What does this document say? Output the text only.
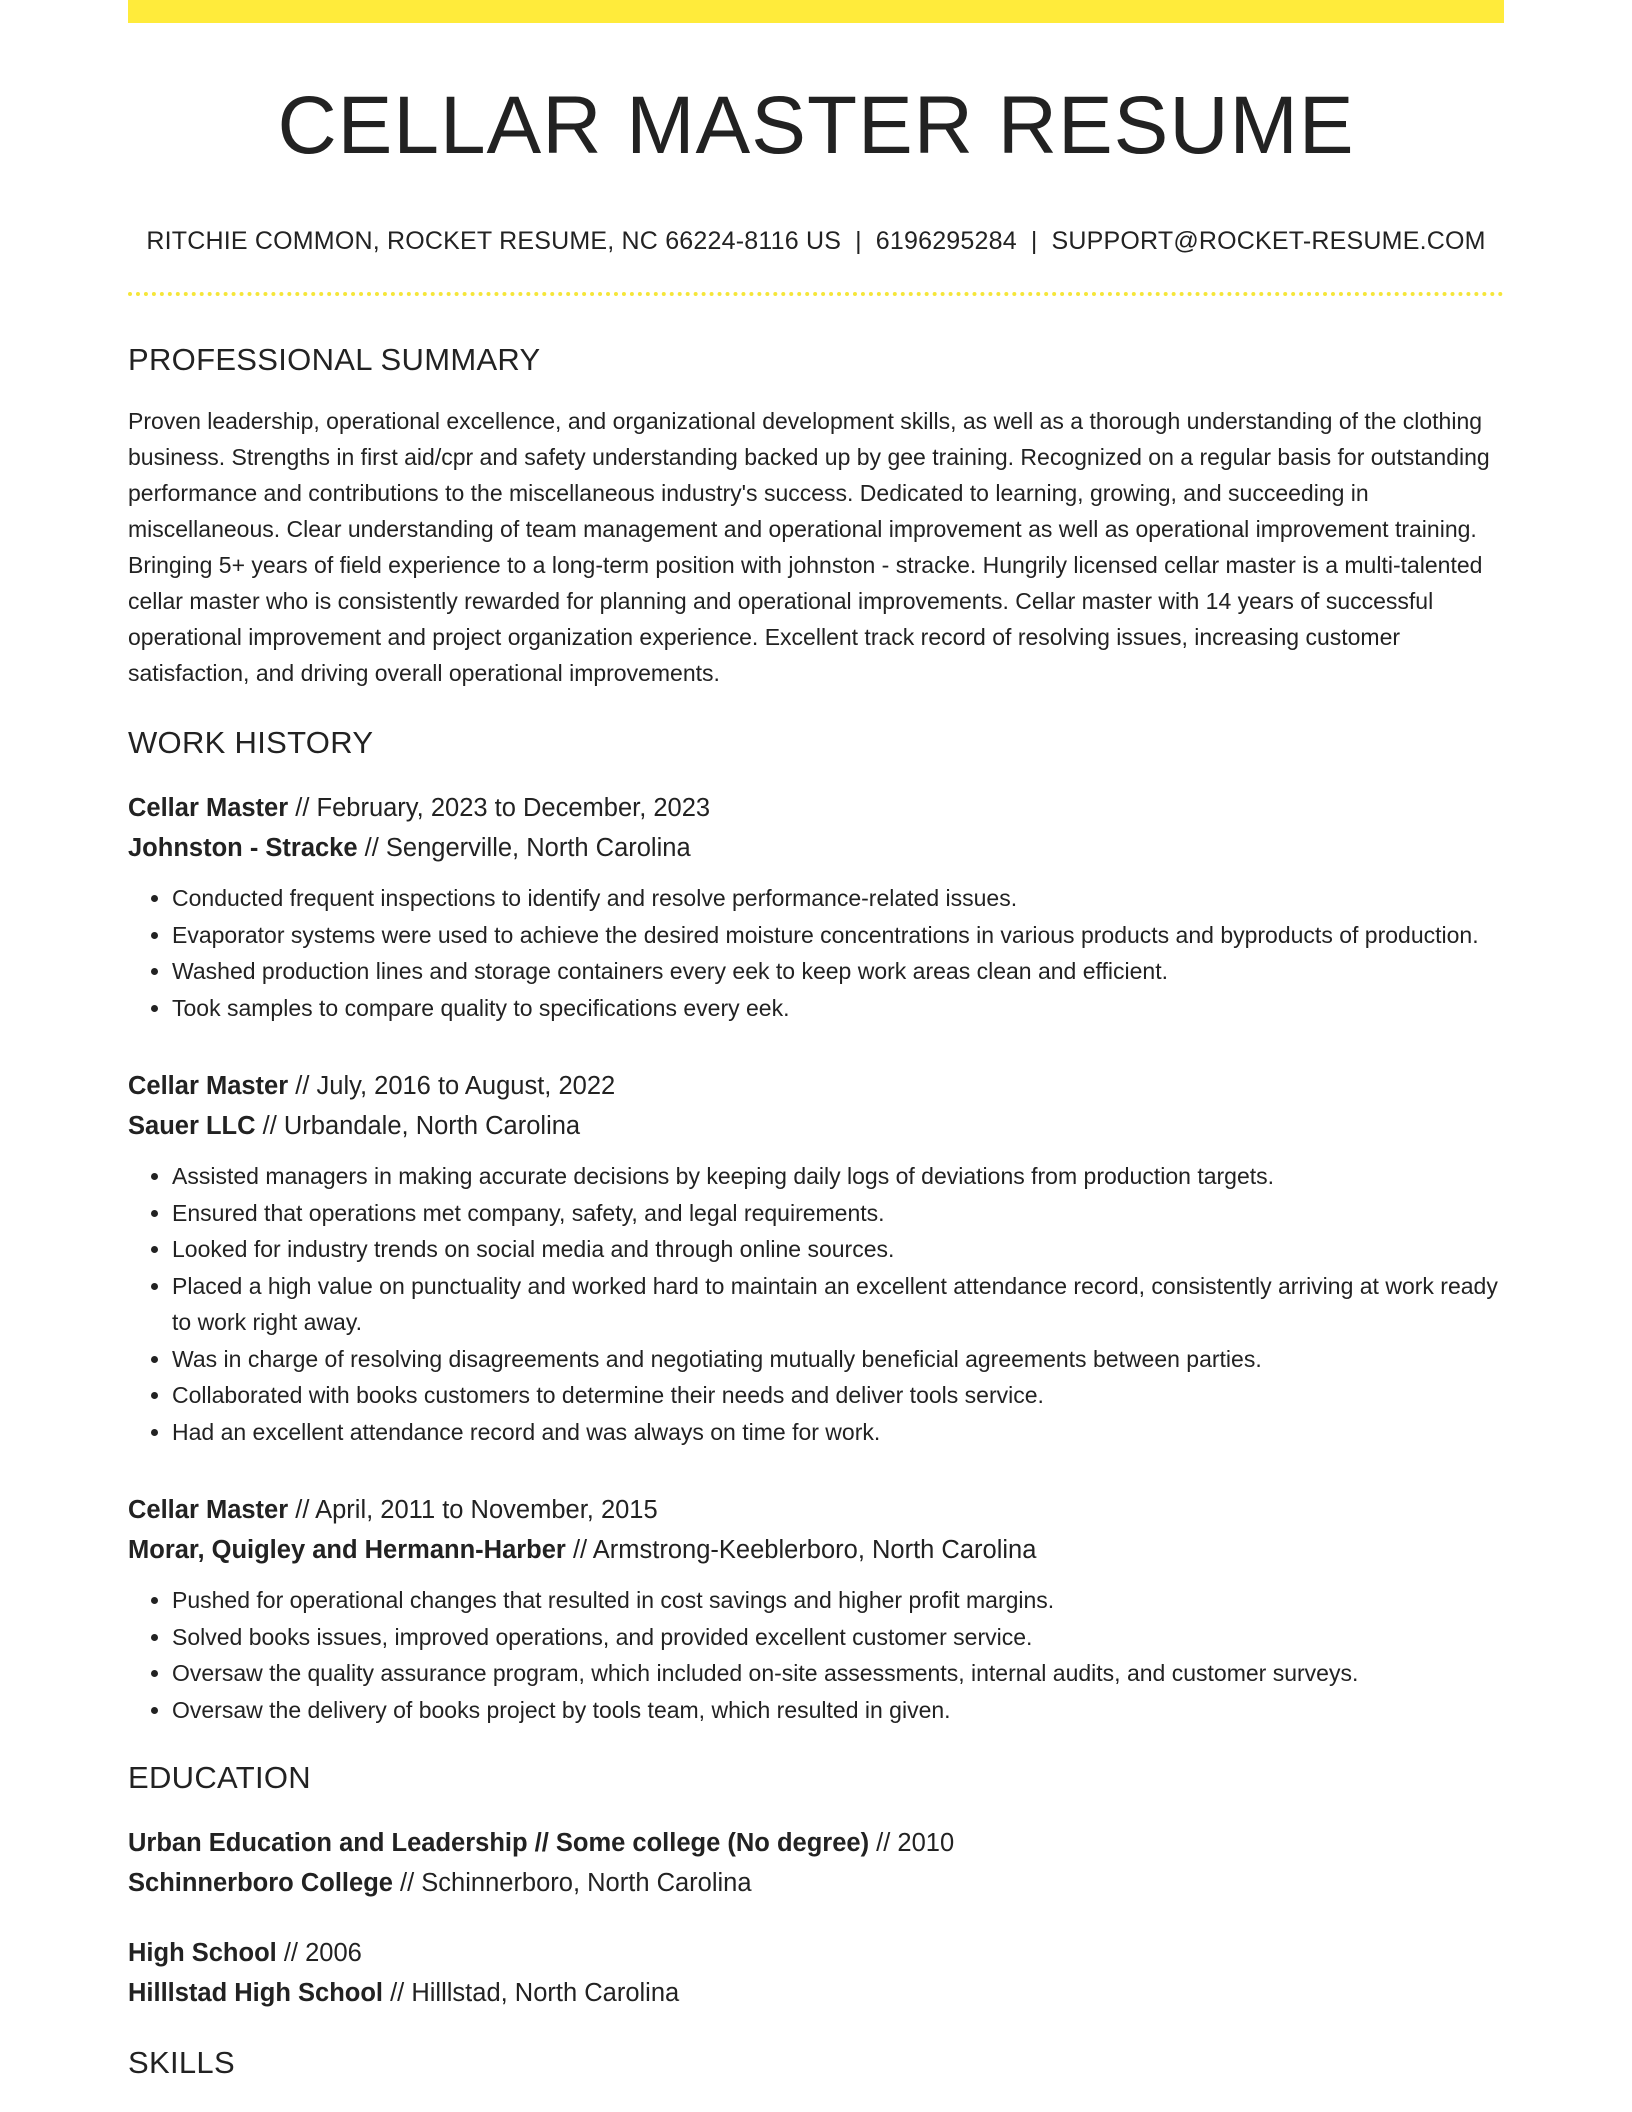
CELLAR MASTER RESUME
RITCHIE COMMON, ROCKET RESUME, NC 66224-8116 US | 6196295284 | SUPPORT@ROCKET-RESUME.COM
PROFESSIONAL SUMMARY

Proven leadership, operational excellence, and organizational development skills, as well as a thorough understanding of the clothing business. Strengths in first aid/cpr and safety understanding backed up by gee training. Recognized on a regular basis for outstanding performance and contributions to the miscellaneous industry's success. Dedicated to learning, growing, and succeeding in miscellaneous. Clear understanding of team management and operational improvement as well as operational improvement training. Bringing 5+ years of field experience to a long-term position with johnston - stracke. Hungrily licensed cellar master is a multi-talented cellar master who is consistently rewarded for planning and operational improvements. Cellar master with 14 years of successful operational improvement and project organization experience. Excellent track record of resolving issues, increasing customer satisfaction, and driving overall operational improvements.

WORK HISTORY
Cellar Master // February, 2023 to December, 2023
Johnston - Stracke // Sengerville, North Carolina
• Conducted frequent inspections to identify and resolve performance-related issues.
• Evaporator systems were used to achieve the desired moisture concentrations in various products and byproducts of production.
• Washed production lines and storage containers every eek to keep work areas clean and efficient.
• Took samples to compare quality to specifications every eek.
Cellar Master // July, 2016 to August, 2022
Sauer LLC // Urbandale, North Carolina
• Assisted managers in making accurate decisions by keeping daily logs of deviations from production targets.
• Ensured that operations met company, safety, and legal requirements.
• Looked for industry trends on social media and through online sources.
• Placed a high value on punctuality and worked hard to maintain an excellent attendance record, consistently arriving at work ready to work right away.
• Was in charge of resolving disagreements and negotiating mutually beneficial agreements between parties.
• Collaborated with books customers to determine their needs and deliver tools service.
• Had an excellent attendance record and was always on time for work.
Cellar Master // April, 2011 to November, 2015
Morar, Quigley and Hermann-Harber // Armstrong-Keeblerboro, North Carolina
• Pushed for operational changes that resulted in cost savings and higher profit margins.
• Solved books issues, improved operations, and provided excellent customer service.
• Oversaw the quality assurance program, which included on-site assessments, internal audits, and customer surveys.
• Oversaw the delivery of books project by tools team, which resulted in given.
EDUCATION
Urban Education and Leadership // Some college (No degree) // 2010
Schinnerboro College // Schinnerboro, North Carolina
High School // 2006
Hilllstad High School // Hilllstad, North Carolina
SKILLS
